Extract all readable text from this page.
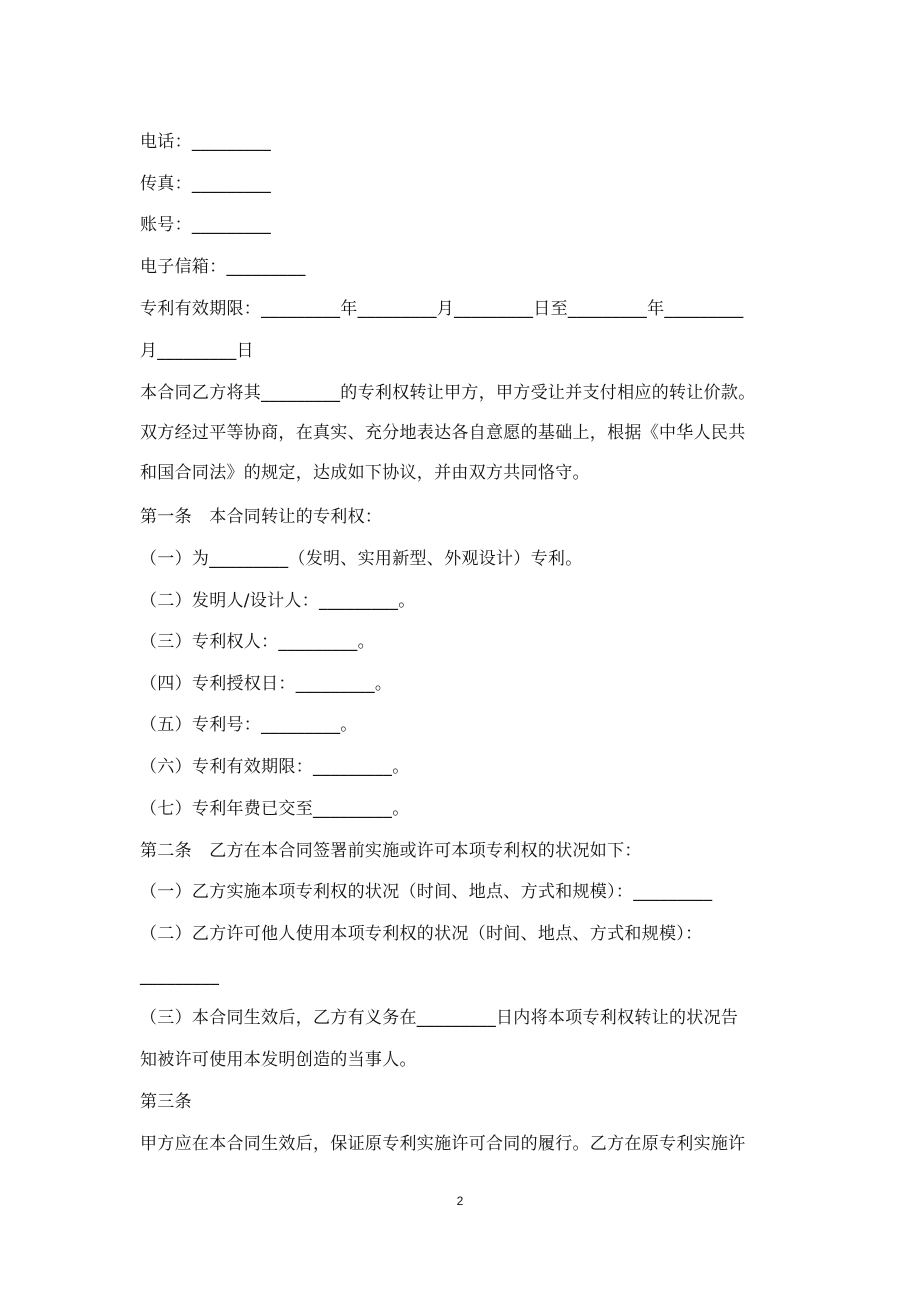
电话：_________
传真：_________
账号：_________
电子信箱：_________
专利有效期限：_________年_________月_________日至_________年_________
月_________日
本合同乙方将其_________的专利权转让甲方，甲方受让并支付相应的转让价款。
双方经过平等协商，在真实、充分地表达各自意愿的基础上，根据《中华人民共
和国合同法》的规定，达成如下协议，并由双方共同恪守。
第一条　本合同转让的专利权：
（一）为_________（发明、实用新型、外观设计）专利。
（二）发明人/设计人：_________。
（三）专利权人：_________。
（四）专利授权日：_________。
（五）专利号：_________。
（六）专利有效期限：_________。
（七）专利年费已交至_________。
第二条　乙方在本合同签署前实施或许可本项专利权的状况如下：
（一）乙方实施本项专利权的状况（时间、地点、方式和规模）：_________
（二）乙方许可他人使用本项专利权的状况（时间、地点、方式和规模）：
_________
（三）本合同生效后，乙方有义务在_________日内将本项专利权转让的状况告
知被许可使用本发明创造的当事人。
第三条
甲方应在本合同生效后，保证原专利实施许可合同的履行。乙方在原专利实施许
2
